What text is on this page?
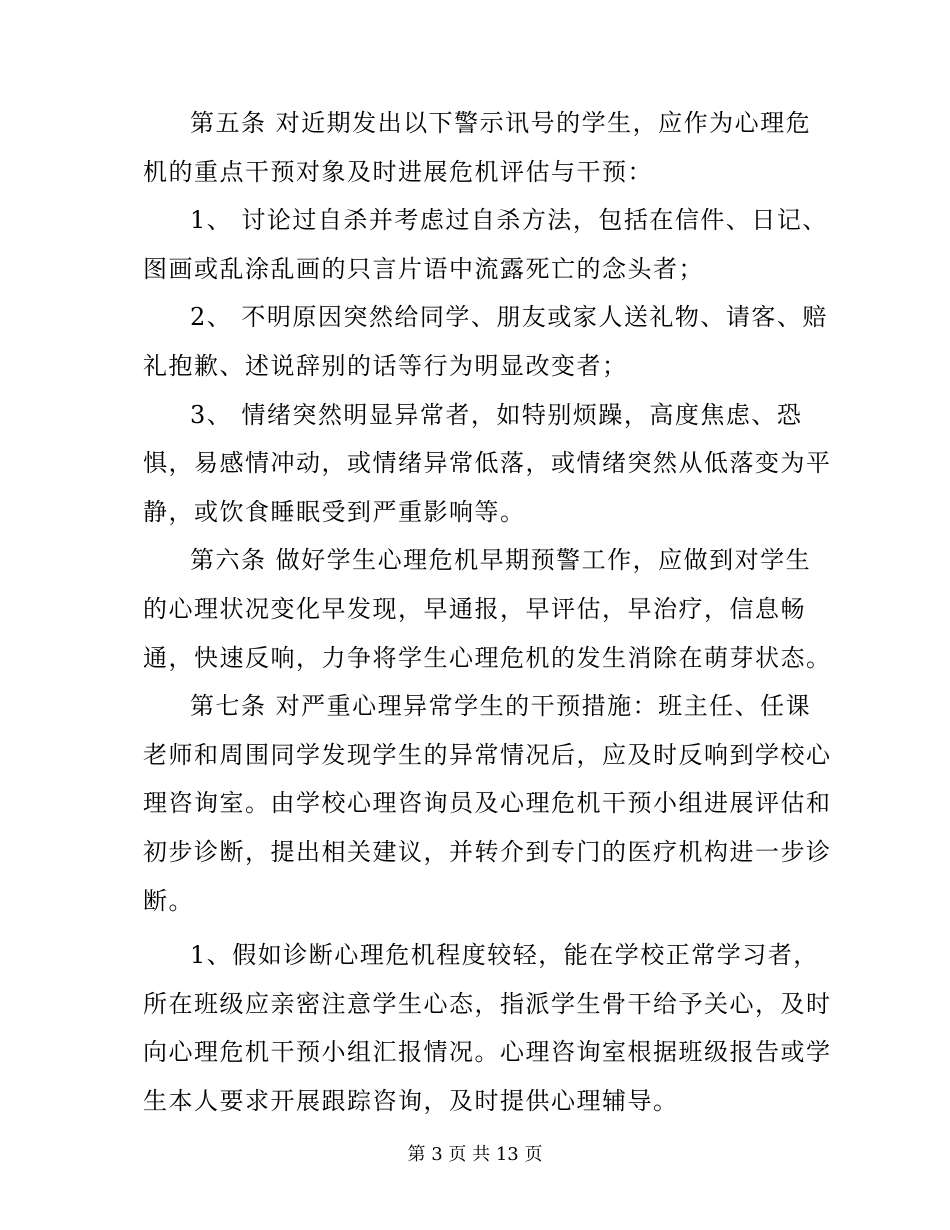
第五条 对近期发出以下警示讯号的学生，应作为心理危
机的重点干预对象及时进展危机评估与干预：
1、 讨论过自杀并考虑过自杀方法，包括在信件、日记、
图画或乱涂乱画的只言片语中流露死亡的念头者；
2、 不明原因突然给同学、朋友或家人送礼物、请客、赔
礼抱歉、述说辞别的话等行为明显改变者；
3、 情绪突然明显异常者，如特别烦躁，高度焦虑、恐
惧，易感情冲动，或情绪异常低落，或情绪突然从低落变为平
静，或饮食睡眠受到严重影响等。
第六条 做好学生心理危机早期预警工作，应做到对学生
的心理状况变化早发现，早通报，早评估，早治疗，信息畅
通，快速反响，力争将学生心理危机的发生消除在萌芽状态。
第七条 对严重心理异常学生的干预措施：班主任、任课
老师和周围同学发现学生的异常情况后，应及时反响到学校心
理咨询室。由学校心理咨询员及心理危机干预小组进展评估和
初步诊断，提出相关建议，并转介到专门的医疗机构进一步诊
断。
1、假如诊断心理危机程度较轻，能在学校正常学习者，
所在班级应亲密注意学生心态，指派学生骨干给予关心，及时
向心理危机干预小组汇报情况。心理咨询室根据班级报告或学
生本人要求开展跟踪咨询，及时提供心理辅导。
第 3 页 共 13 页
